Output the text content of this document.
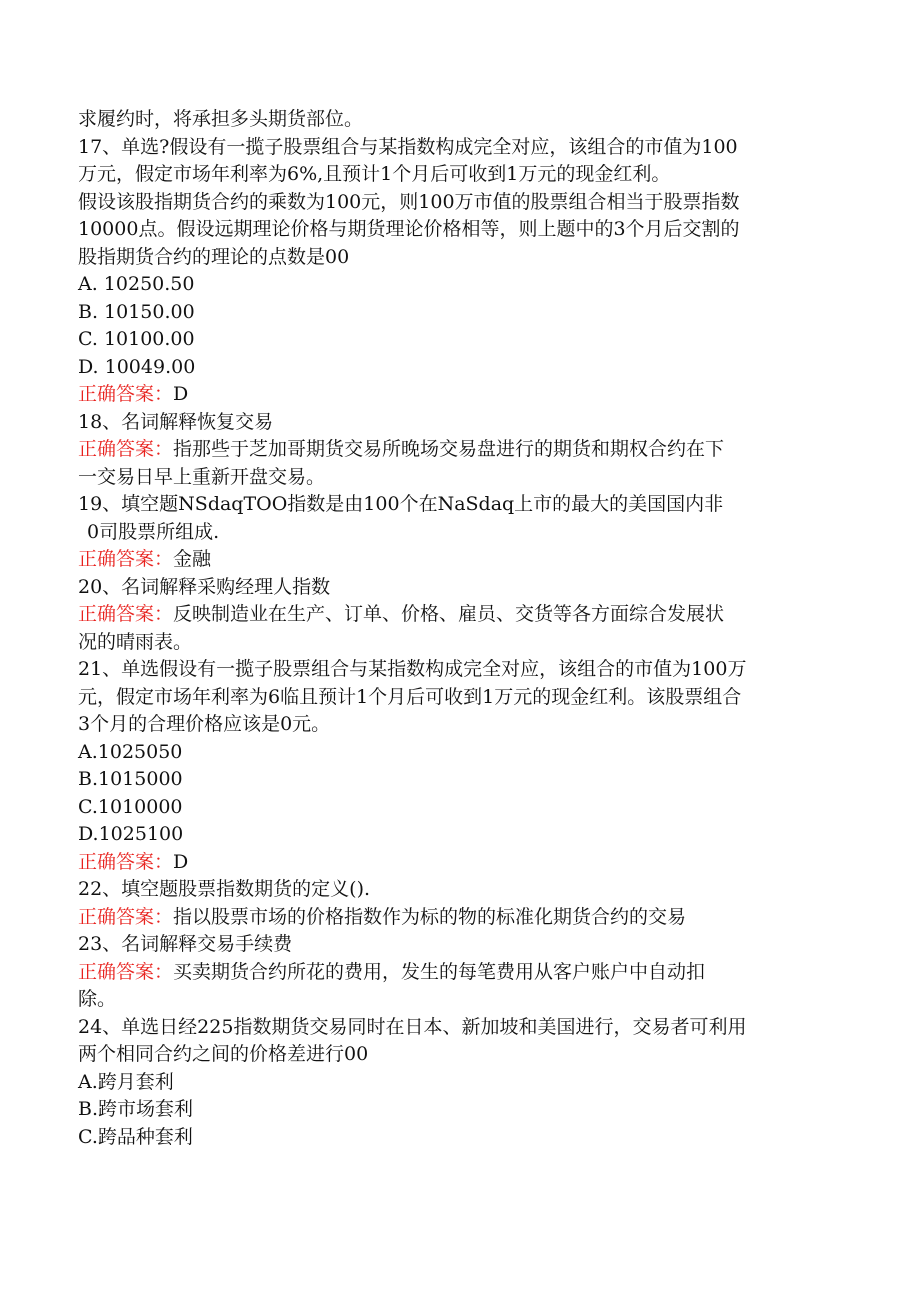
求履约时，将承担多头期货部位。
17、单选?假设有一揽子股票组合与某指数构成完全对应，该组合的市值为100
万元，假定市场年利率为6%,且预计1个月后可收到1万元的现金红利。
假设该股指期货合约的乘数为100元，则100万市值的股票组合相当于股票指数
10000点。假设远期理论价格与期货理论价格相等，则上题中的3个月后交割的
股指期货合约的理论的点数是00
A. 10250.50
B. 10150.00
C. 10100.00
D. 10049.00
正确答案：D
18、名词解释恢复交易
正确答案：指那些于芝加哥期货交易所晚场交易盘进行的期货和期权合约在下
一交易日早上重新开盘交易。
19、填空题NSdaqTOO指数是由100个在NaSdaq上市的最大的美国国内非
0司股票所组成.
正确答案：金融
20、名词解释采购经理人指数
正确答案：反映制造业在生产、订单、价格、雇员、交货等各方面综合发展状
况的晴雨表。
21、单选假设有一揽子股票组合与某指数构成完全对应，该组合的市值为100万
元，假定市场年利率为6临且预计1个月后可收到1万元的现金红利。该股票组合
3个月的合理价格应该是0元。
A.1025050
B.1015000
C.1010000
D.1025100
正确答案：D
22、填空题股票指数期货的定义().
正确答案：指以股票市场的价格指数作为标的物的标准化期货合约的交易
23、名词解释交易手续费
正确答案：买卖期货合约所花的费用，发生的每笔费用从客户账户中自动扣
除。
24、单选日经225指数期货交易同时在日本、新加坡和美国进行，交易者可利用
两个相同合约之间的价格差进行00
A.跨月套利
B.跨市场套利
C.跨品种套利
